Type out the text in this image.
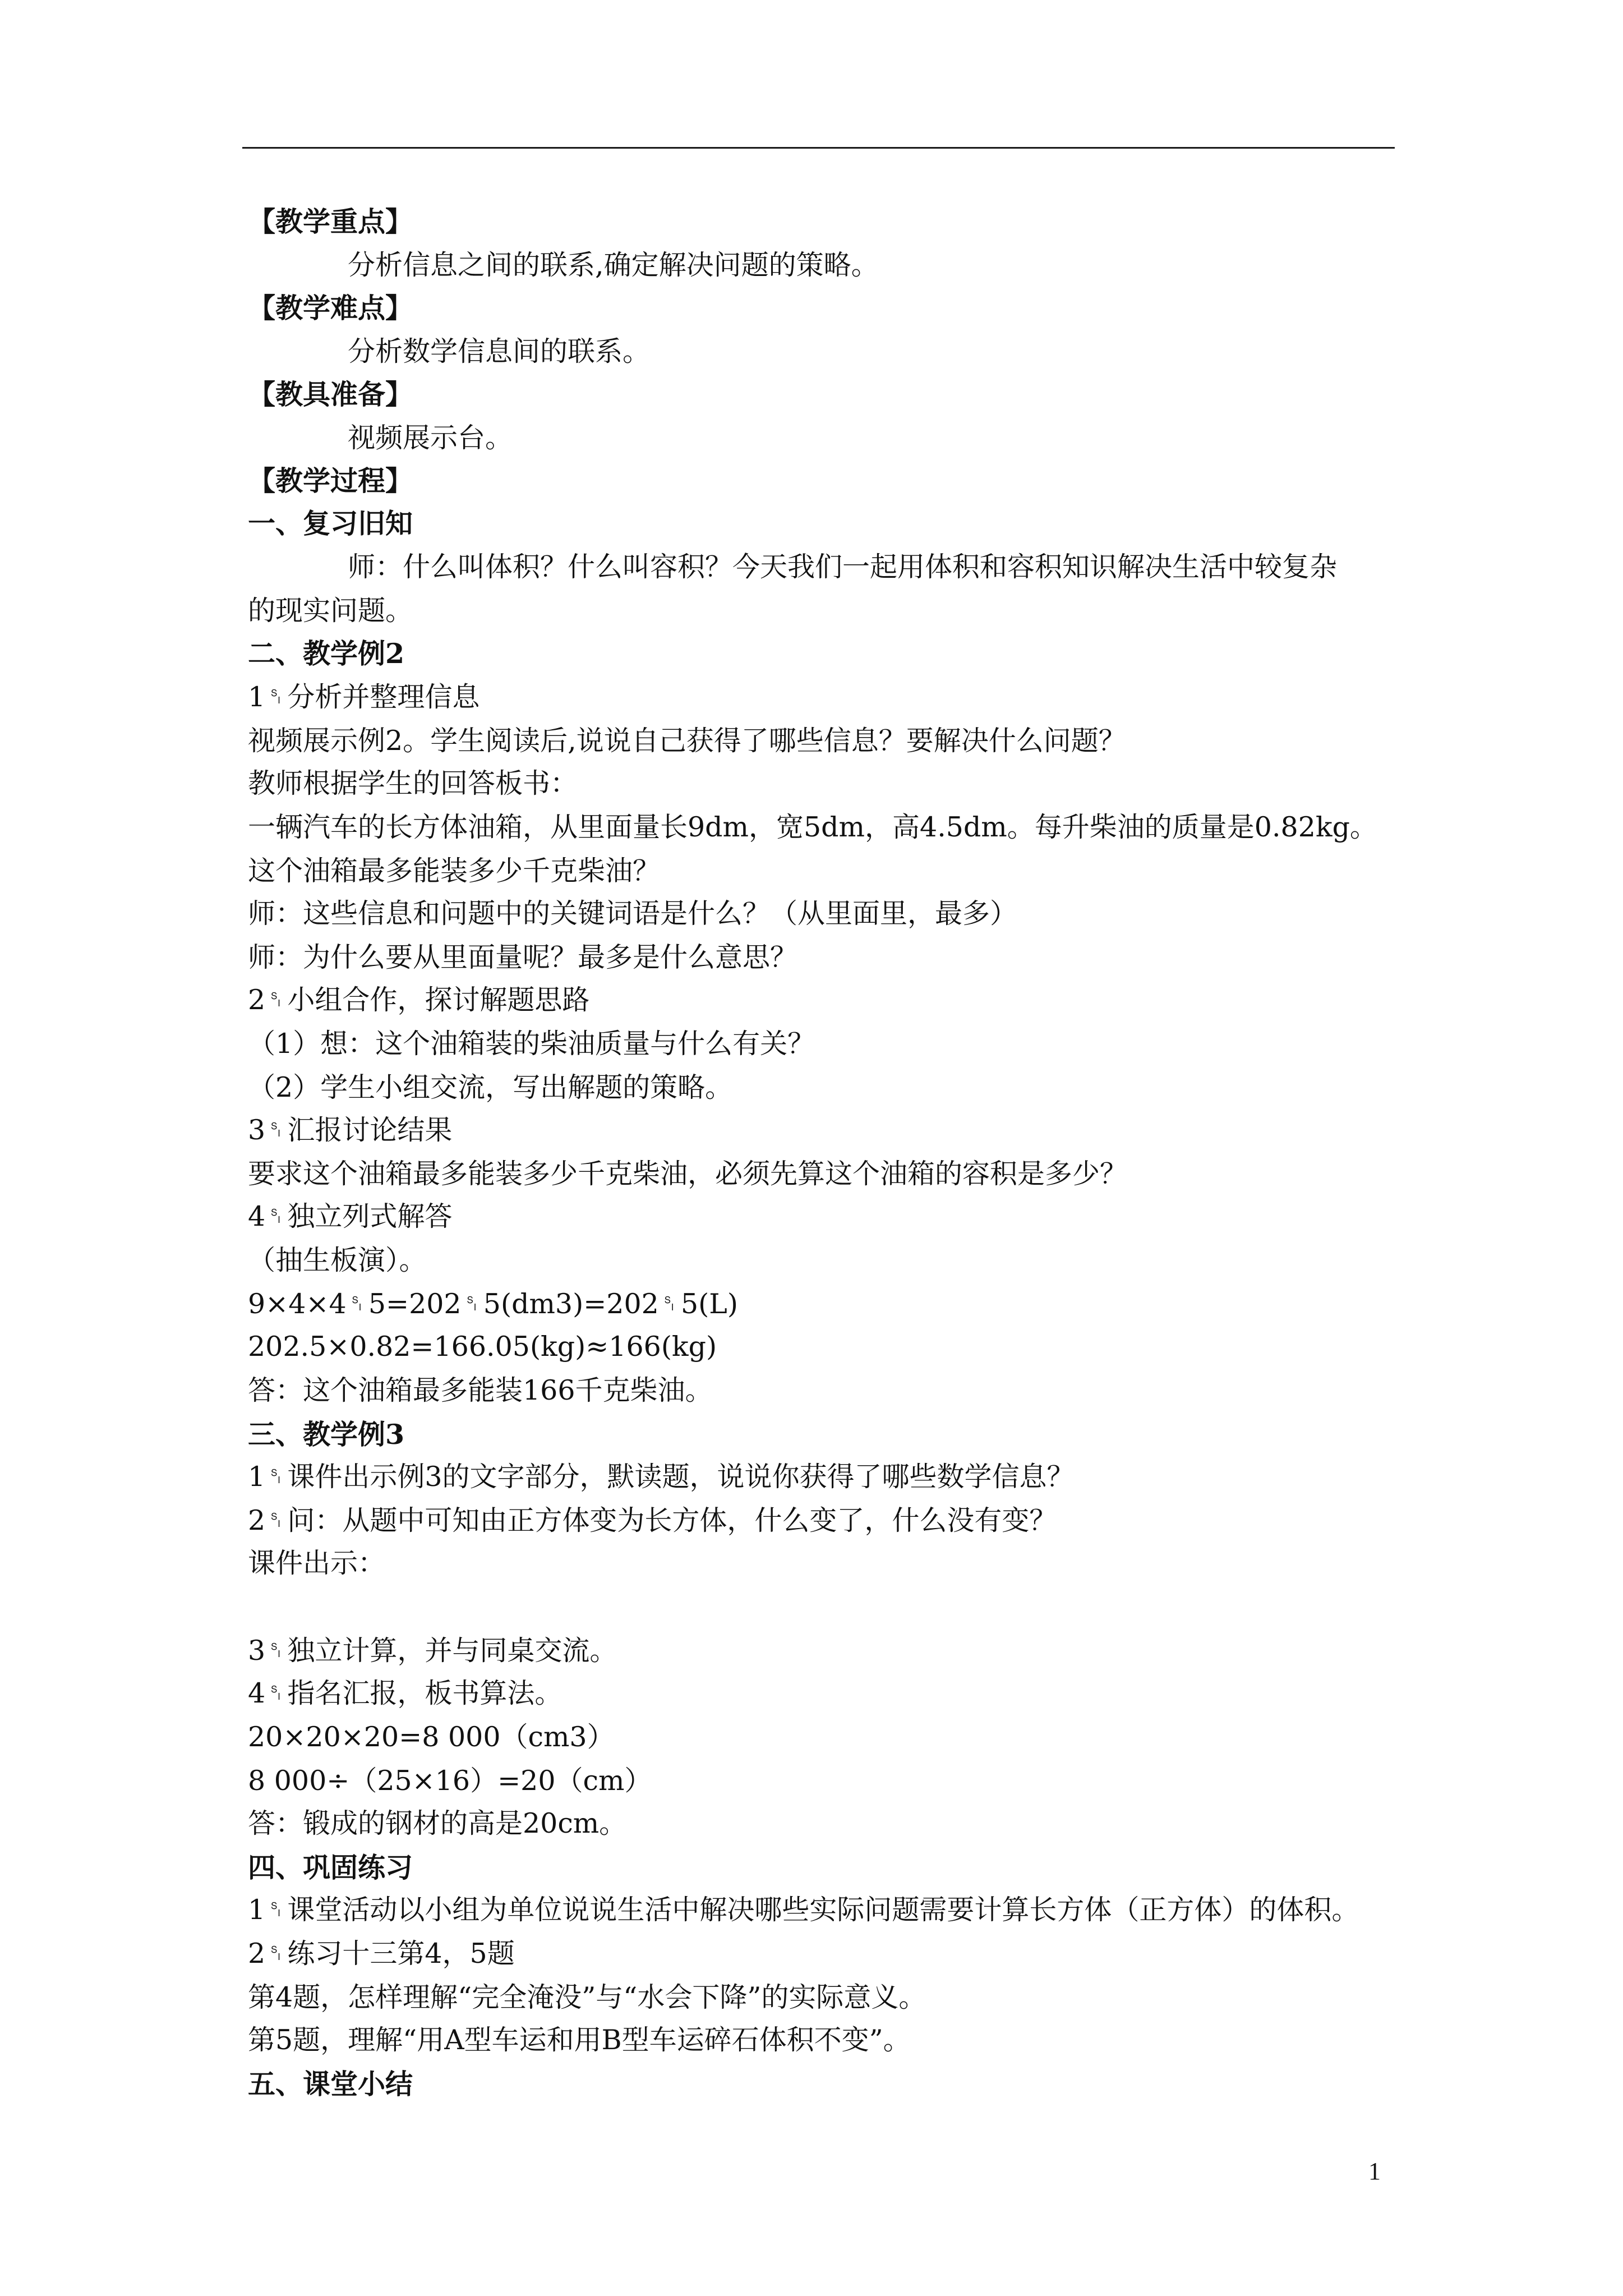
【教学重点】
分析信息之间的联系,确定解决问题的策略。
【教学难点】
分析数学信息间的联系。
【教具准备】
视频展示台。
【教学过程】
一、复习旧知
师：什么叫体积？什么叫容积？今天我们一起用体积和容积知识解决生活中较复杂
的现实问题。
二、教学例2
1␏分析并整理信息
视频展示例2。学生阅读后,说说自己获得了哪些信息？要解决什么问题？
教师根据学生的回答板书：
一辆汽车的长方体油箱，从里面量长9dm，宽5dm，高4.5dm。每升柴油的质量是0.82kg。
这个油箱最多能装多少千克柴油？
师：这些信息和问题中的关键词语是什么？（从里面里，最多）
师：为什么要从里面量呢？最多是什么意思？
2␏小组合作，探讨解题思路
（1）想：这个油箱装的柴油质量与什么有关？
（2）学生小组交流，写出解题的策略。
3␏汇报讨论结果
要求这个油箱最多能装多少千克柴油，必须先算这个油箱的容积是多少？
4␏独立列式解答
（抽生板演）。
9×4×4␏5=202␏5(dm3)=202␏5(L)
202.5×0.82=166.05(kg)≈166(kg)
答：这个油箱最多能装166千克柴油。
三、教学例3
1␏课件出示例3的文字部分，默读题，说说你获得了哪些数学信息？
2␏问：从题中可知由正方体变为长方体，什么变了，什么没有变？
课件出示：
3␏独立计算，并与同桌交流。
4␏指名汇报，板书算法。
20×20×20=8 000（cm3）
8 000÷（25×16）=20（cm）
答：锻成的钢材的高是20cm。
四、巩固练习
1␏课堂活动以小组为单位说说生活中解决哪些实际问题需要计算长方体（正方体）的体积。
2␏练习十三第4，5题
第4题，怎样理解“完全淹没”与“水会下降”的实际意义。
第5题，理解“用A型车运和用B型车运碎石体积不变”。
五、课堂小结
1
